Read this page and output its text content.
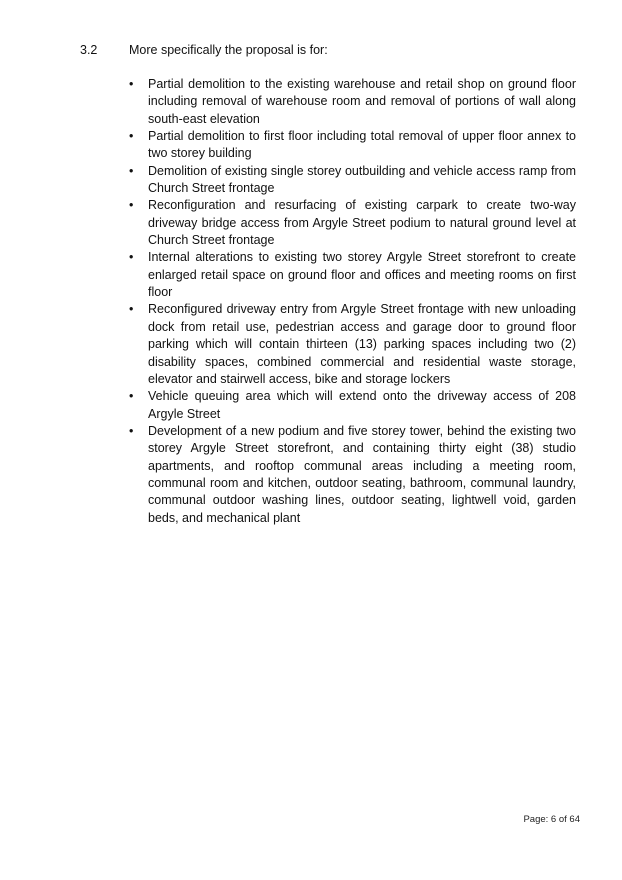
3.2	More specifically the proposal is for:
• Partial demolition to the existing warehouse and retail shop on ground floor including removal of warehouse room and removal of portions of wall along south-east elevation
• Partial demolition to first floor including total removal of upper floor annex to two storey building
• Demolition of existing single storey outbuilding and vehicle access ramp from Church Street frontage
• Reconfiguration and resurfacing of existing carpark to create two-way driveway bridge access from Argyle Street podium to natural ground level at Church Street frontage
• Internal alterations to existing two storey Argyle Street storefront to create enlarged retail space on ground floor and offices and meeting rooms on first floor
• Reconfigured driveway entry from Argyle Street frontage with new unloading dock from retail use, pedestrian access and garage door to ground floor parking which will contain thirteen (13) parking spaces including two (2) disability spaces, combined commercial and residential waste storage, elevator and stairwell access, bike and storage lockers
• Vehicle queuing area which will extend onto the driveway access of 208 Argyle Street
• Development of a new podium and five storey tower, behind the existing two storey Argyle Street storefront, and containing thirty eight (38) studio apartments, and rooftop communal areas including a meeting room, communal room and kitchen, outdoor seating, bathroom, communal laundry, communal outdoor washing lines, outdoor seating, lightwell void, garden beds, and mechanical plant
Page: 6 of 64
